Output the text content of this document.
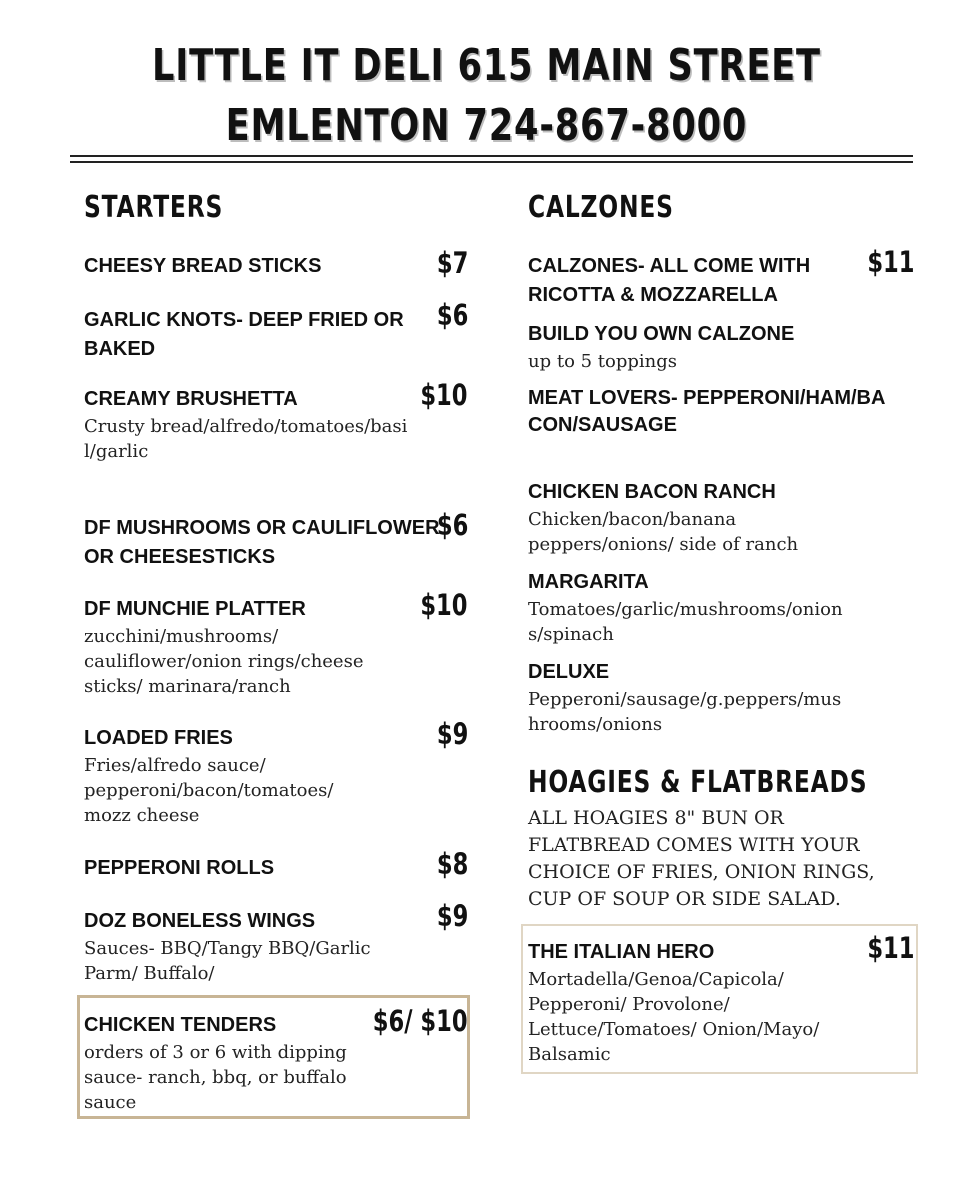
LITTLE IT DELI 615 MAIN STREET
EMLENTON 724-867-8000
STARTERS
CHEESY BREAD STICKS	$7
GARLIC KNOTS- DEEP FRIED OR BAKED
$6
CREAMY BRUSHETTA
Crusty bread/alfredo/tomatoes/basil/garlic
$10
DF MUSHROOMS OR CAULIFLOWER OR CHEESESTICKS
$6
DF MUNCHIE PLATTER
zucchini/mushrooms/ cauliflower/onion rings/cheese sticks/ marinara/ranch
$10
LOADED FRIES
Fries/alfredo sauce/ pepperoni/bacon/tomatoes/ mozz cheese
$9
PEPPERONI ROLLS	$8
DOZ BONELESS WINGS
Sauces- BBQ/Tangy BBQ/Garlic Parm/ Buffalo/
$9
CHICKEN TENDERS
orders of 3 or 6 with dipping sauce- ranch, bbq, or buffalo sauce
$6/ $10
CALZONES
CALZONES- ALL COME WITH RICOTTA & MOZZARELLA
$11
BUILD YOU OWN CALZONE
up to 5 toppings
MEAT LOVERS- PEPPERONI/HAM/BACON/SAUSAGE
CHICKEN BACON RANCH
Chicken/bacon/banana peppers/onions/ side of ranch
MARGARITA
Tomatoes/garlic/mushrooms/onions/spinach
DELUXE
Pepperoni/sausage/g.peppers/mushrooms/onions
HOAGIES & FLATBREADS
ALL HOAGIES 8" BUN OR FLATBREAD COMES WITH YOUR CHOICE OF FRIES, ONION RINGS, CUP OF SOUP OR SIDE SALAD.
THE ITALIAN HERO
Mortadella/Genoa/Capicola/ Pepperoni/ Provolone/ Lettuce/Tomatoes/ Onion/Mayo/ Balsamic
$11
